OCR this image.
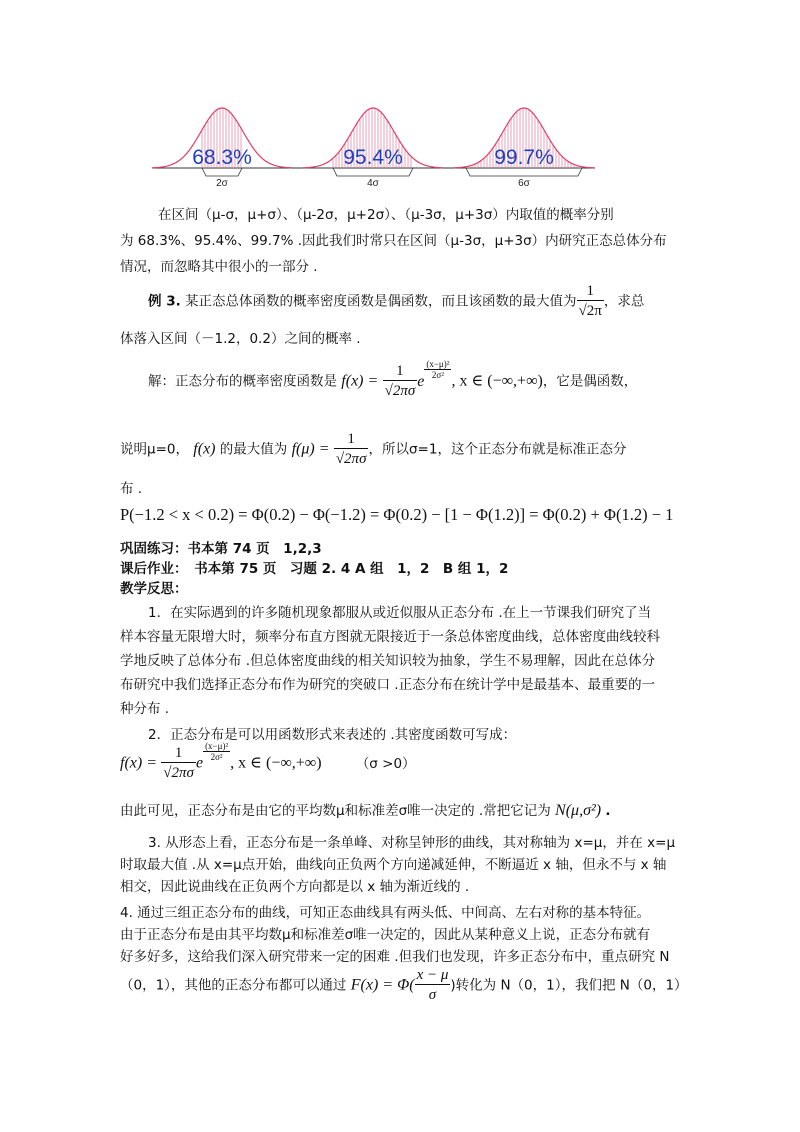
68.3%
2σ
95.4%
4σ
99.7%
6σ
在区间（μ-σ，μ+σ）、（μ-2σ，μ+2σ）、（μ-3σ，μ+3σ）内取值的概率分别
为 68.3%、95.4%、99.7% .因此我们时常只在区间（μ-3σ，μ+3σ）内研究正态总体分布
情况，而忽略其中很小的一部分 .
例 3. 某正态总体函数的概率密度函数是偶函数，而且该函数的最大值为 $\frac{1}{√2\pi}$ ，求总
体落入区间（－1.2，0.2）之间的概率 .
解：正态分布的概率密度函数是 $f(x) = \frac{1}{√2\pi\sigma}$ e
$\frac{\text{(x−μ)²}}{\text{2σ²}}$
, x ∈ (−∞,+∞)，它是偶函数，
说明μ=0， f(x) 的最大值为 $f(\mu) = \frac{1}{√2\pi\sigma}$ ，所以σ=1，这个正态分布就是标准正态分
布 .
P(−1.2 < x < 0.2) = Φ(0.2) − Φ(−1.2) = Φ(0.2) − [1 − Φ(1.2)] = Φ(0.2) + Φ(1.2) − 1
巩固练习：书本第 74 页　1,2,3
课后作业：　书本第 75 页　习题 2. 4 A 组　1，2　B 组 1，2
教学反思：
1．在实际遇到的许多随机现象都服从或近似服从正态分布 .在上一节课我们研究了当
样本容量无限增大时，频率分布直方图就无限接近于一条总体密度曲线，总体密度曲线较科
学地反映了总体分布 .但总体密度曲线的相关知识较为抽象，学生不易理解，因此在总体分
布研究中我们选择正态分布作为研究的突破口 .正态分布在统计学中是最基本、最重要的一
种分布 .
2．正态分布是可以用函数形式来表述的 .其密度函数可写成：
$f(x) = \frac{1}{√2\pi\sigma}$ e
$\frac{\text{(x−μ)²}}{\text{2σ²}}$
, x ∈ (−∞,+∞)	（σ >0）
由此可见，正态分布是由它的平均数μ和标准差σ唯一决定的 .常把它记为 N(μ,σ²) .
3. 从形态上看，正态分布是一条单峰、对称呈钟形的曲线，其对称轴为 x=μ，并在 x=μ
时取最大值 .从 x=μ点开始，曲线向正负两个方向递减延伸，不断逼近 x 轴，但永不与 x 轴
相交，因此说曲线在正负两个方向都是以 x 轴为渐近线的 .
4. 通过三组正态分布的曲线，可知正态曲线具有两头低、中间高、左右对称的基本特征。
由于正态分布是由其平均数μ和标准差σ唯一决定的，因此从某种意义上说，正态分布就有
好多好多，这给我们深入研究带来一定的困难 .但我们也发现，许多正态分布中，重点研究 N
（0，1），其他的正态分布都可以通过 $F(x) = \Phi( \frac{x - \mu}{\sigma}$ )转化为 N（0，1），我们把 N（0，1）
